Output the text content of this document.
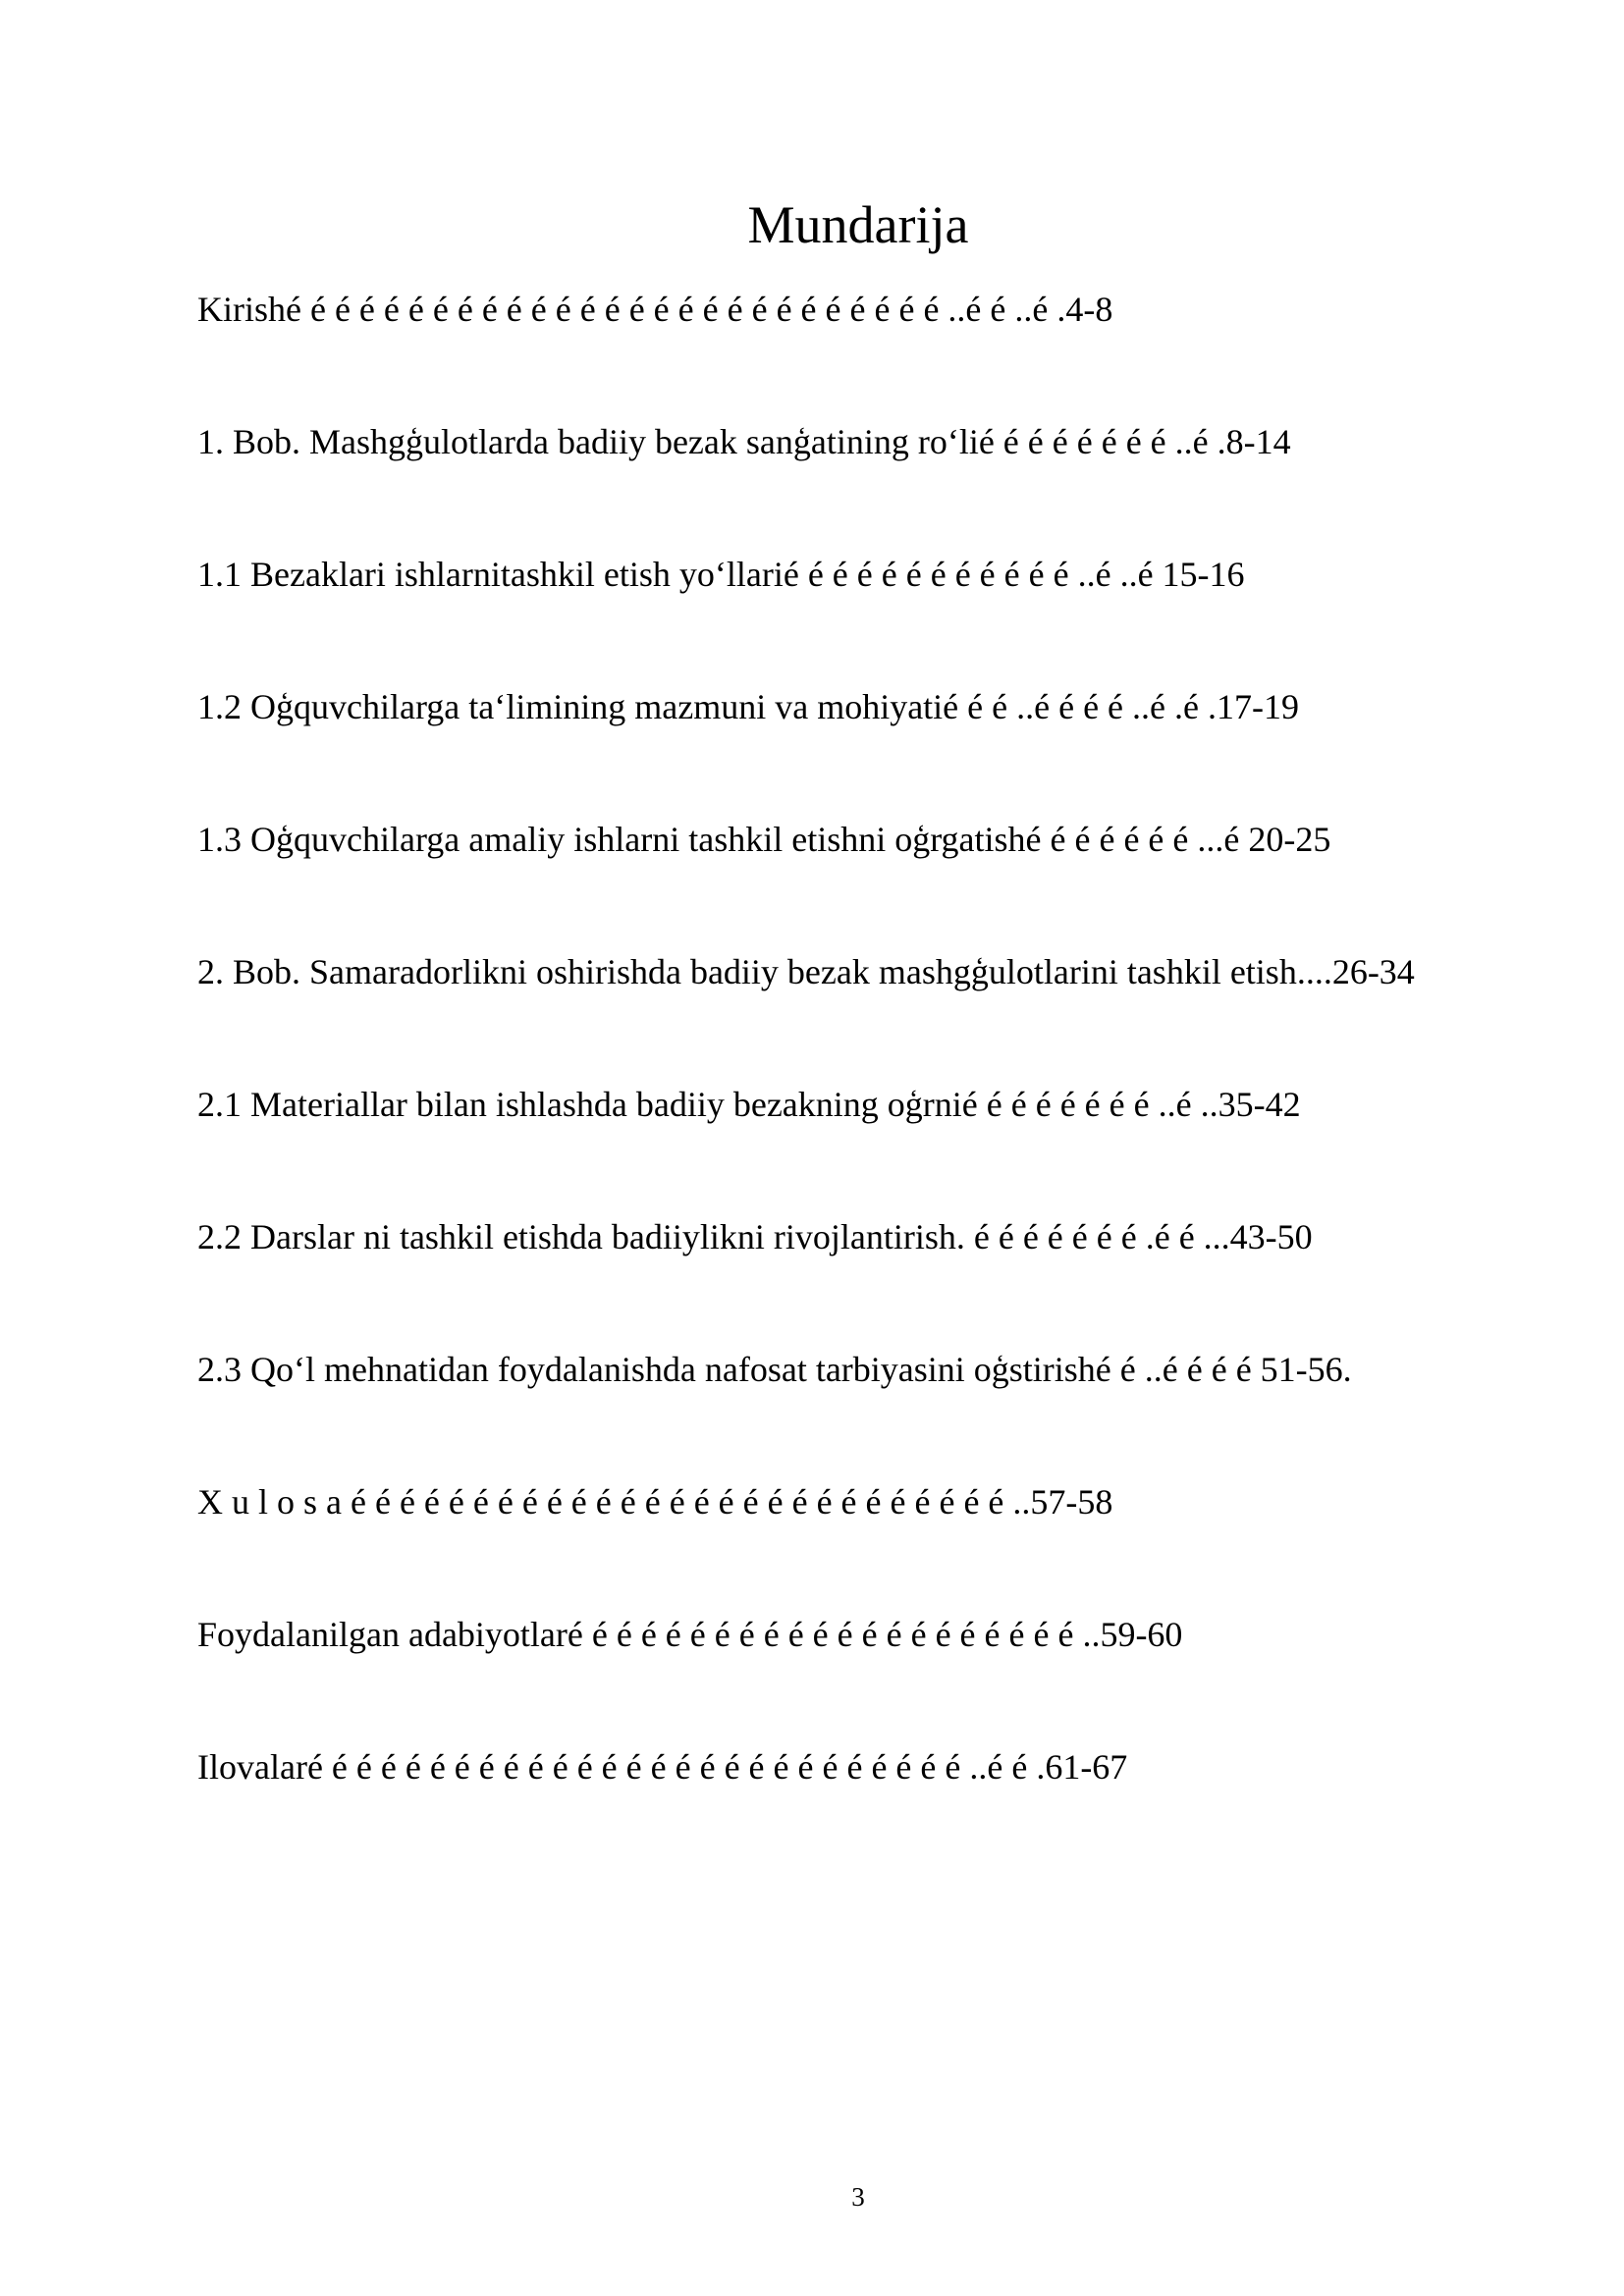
Mundarija
Kirishé é é é é é é é é é é é é é é é é é é é é é é é é é é ..é é ..é .4-8
1. Bob. Mashgģulotlarda badiiy bezak sanģatining roʻlié é é é é é é é ..é .8-14
1.1 Bezaklari ishlarnitashkil etish yoʻllarié é é é é é é é é é é é ..é ..é 15-16
1.2 Oģquvchilarga taʻlimining mazmuni va mohiyatié é é ..é é é é ..é .é .17-19
1.3 Oģquvchilarga amaliy ishlarni tashkil etishni oģrgatishé é é é é é é ...é 20-25
2. Bob. Samaradorlikni oshirishda badiiy bezak mashgģulotlarini tashkil etish....26-34
2.1 Materiallar bilan ishlashda badiiy bezakning oģrnié é é é é é é é ..é ..35-42
2.2 Darslar ni tashkil etishda badiiylikni rivojlantirish. é é é é é é é .é é ...43-50
2.3 Qoʻl mehnatidan foydalanishda nafosat tarbiyasini oģstirishé é ..é é é é 51-56.
X u l o s a é é é é é é é é é é é é é é é é é é é é é é é é é é é ..57-58
Foydalanilgan adabiyotlaré é é é é é é é é é é é é é é é é é é é é ..59-60
Ilovalaré é é é é é é é é é é é é é é é é é é é é é é é é é é ..é é .61-67
3
